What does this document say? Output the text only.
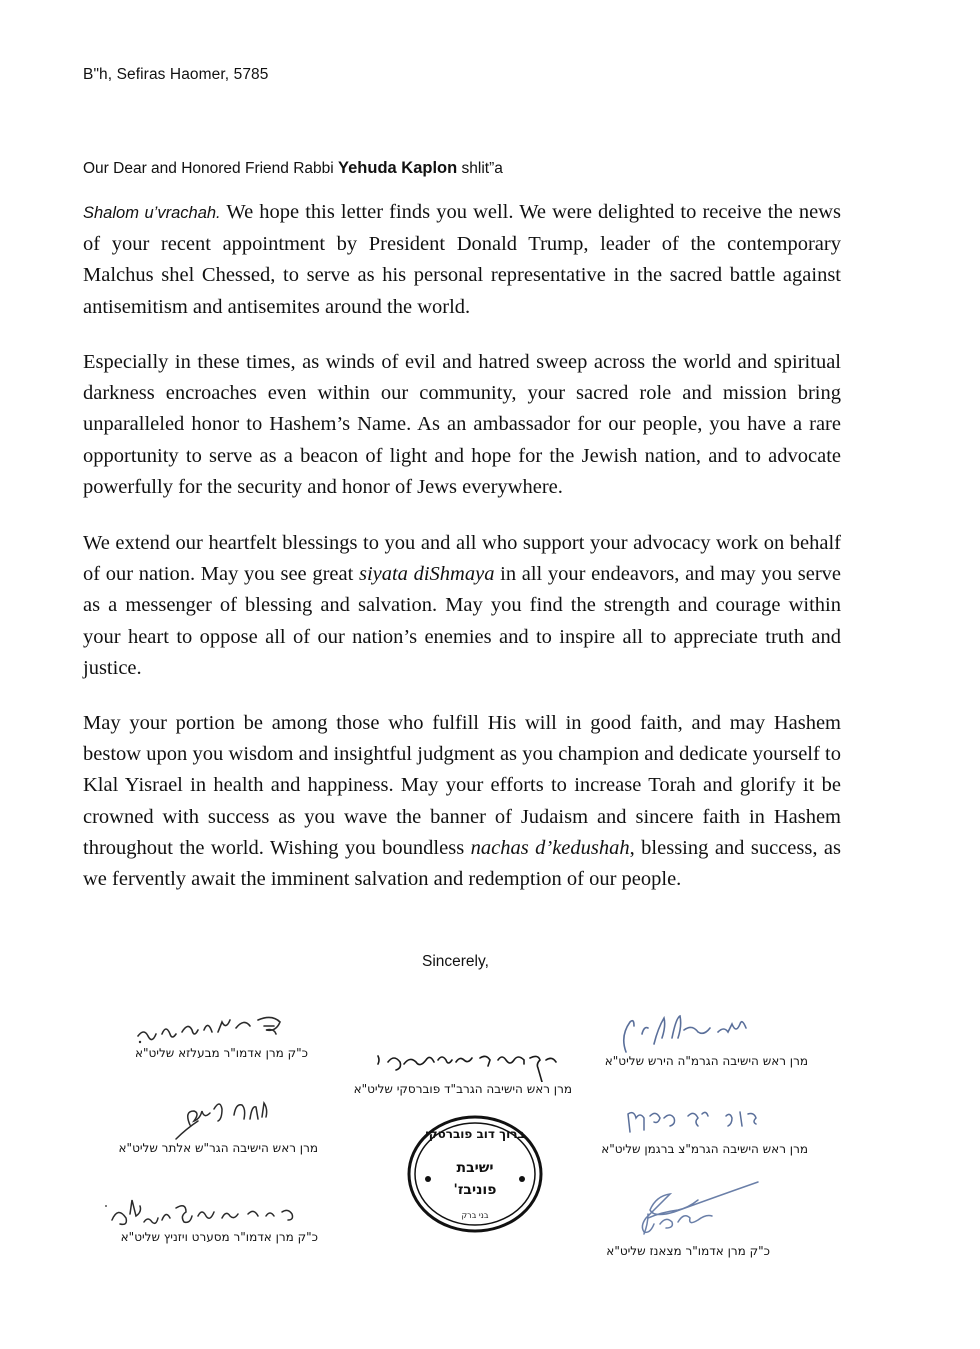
B"h, Sefiras Haomer, 5785
Our Dear and Honored Friend Rabbi Yehuda Kaplon shlit”a

Shalom u’vrachah. We hope this letter finds you well. We were delighted to receive the news of your recent appointment by President Donald Trump, leader of the contemporary Malchus shel Chessed, to serve as his personal representative in the sacred battle against antisemitism and antisemites around the world.

Especially in these times, as winds of evil and hatred sweep across the world and spiritual darkness encroaches even within our community, your sacred role and mission bring unparalleled honor to Hashem’s Name. As an ambassador for our people, you have a rare opportunity to serve as a beacon of light and hope for the Jewish nation, and to advocate powerfully for the security and honor of Jews everywhere.

We extend our heartfelt blessings to you and all who support your advocacy work on behalf of our nation. May you see great siyata diShmaya in all your endeavors, and may you serve as a messenger of blessing and salvation. May you find the strength and courage within your heart to oppose all of our nation’s enemies and to inspire all to appreciate truth and justice.

May your portion be among those who fulfill His will in good faith, and may Hashem bestow upon you wisdom and insightful judgment as you champion and dedicate yourself to Klal Yisrael in health and happiness. May your efforts to increase Torah and glorify it be crowned with success as you wave the banner of Judaism and sincere faith in Hashem throughout the world. Wishing you boundless nachas d’kedushah, blessing and success, as we fervently await the imminent salvation and redemption of our people.

Sincerely,
כ"ק מרן אדמו"ר מבעלזא שליט"א
מרן ראש הישיבה הגר"ש אלתר שליט"א
כ"ק מרן אדמו"ר מסערט ויזניץ שליט"א
מרן ראש הישיבה הגרב"ד פוברסקי שליט"א
ברוך דוב פוברסקי
ישיבת
פוניבז'
בני ברק
מרן ראש הישיבה הגרמ"ה הירש שליט"א
מרן ראש הישיבה הגרמ"צ ברגמן שליט"א
כ"ק מרן אדמו"ר מצאנז שליט"א
